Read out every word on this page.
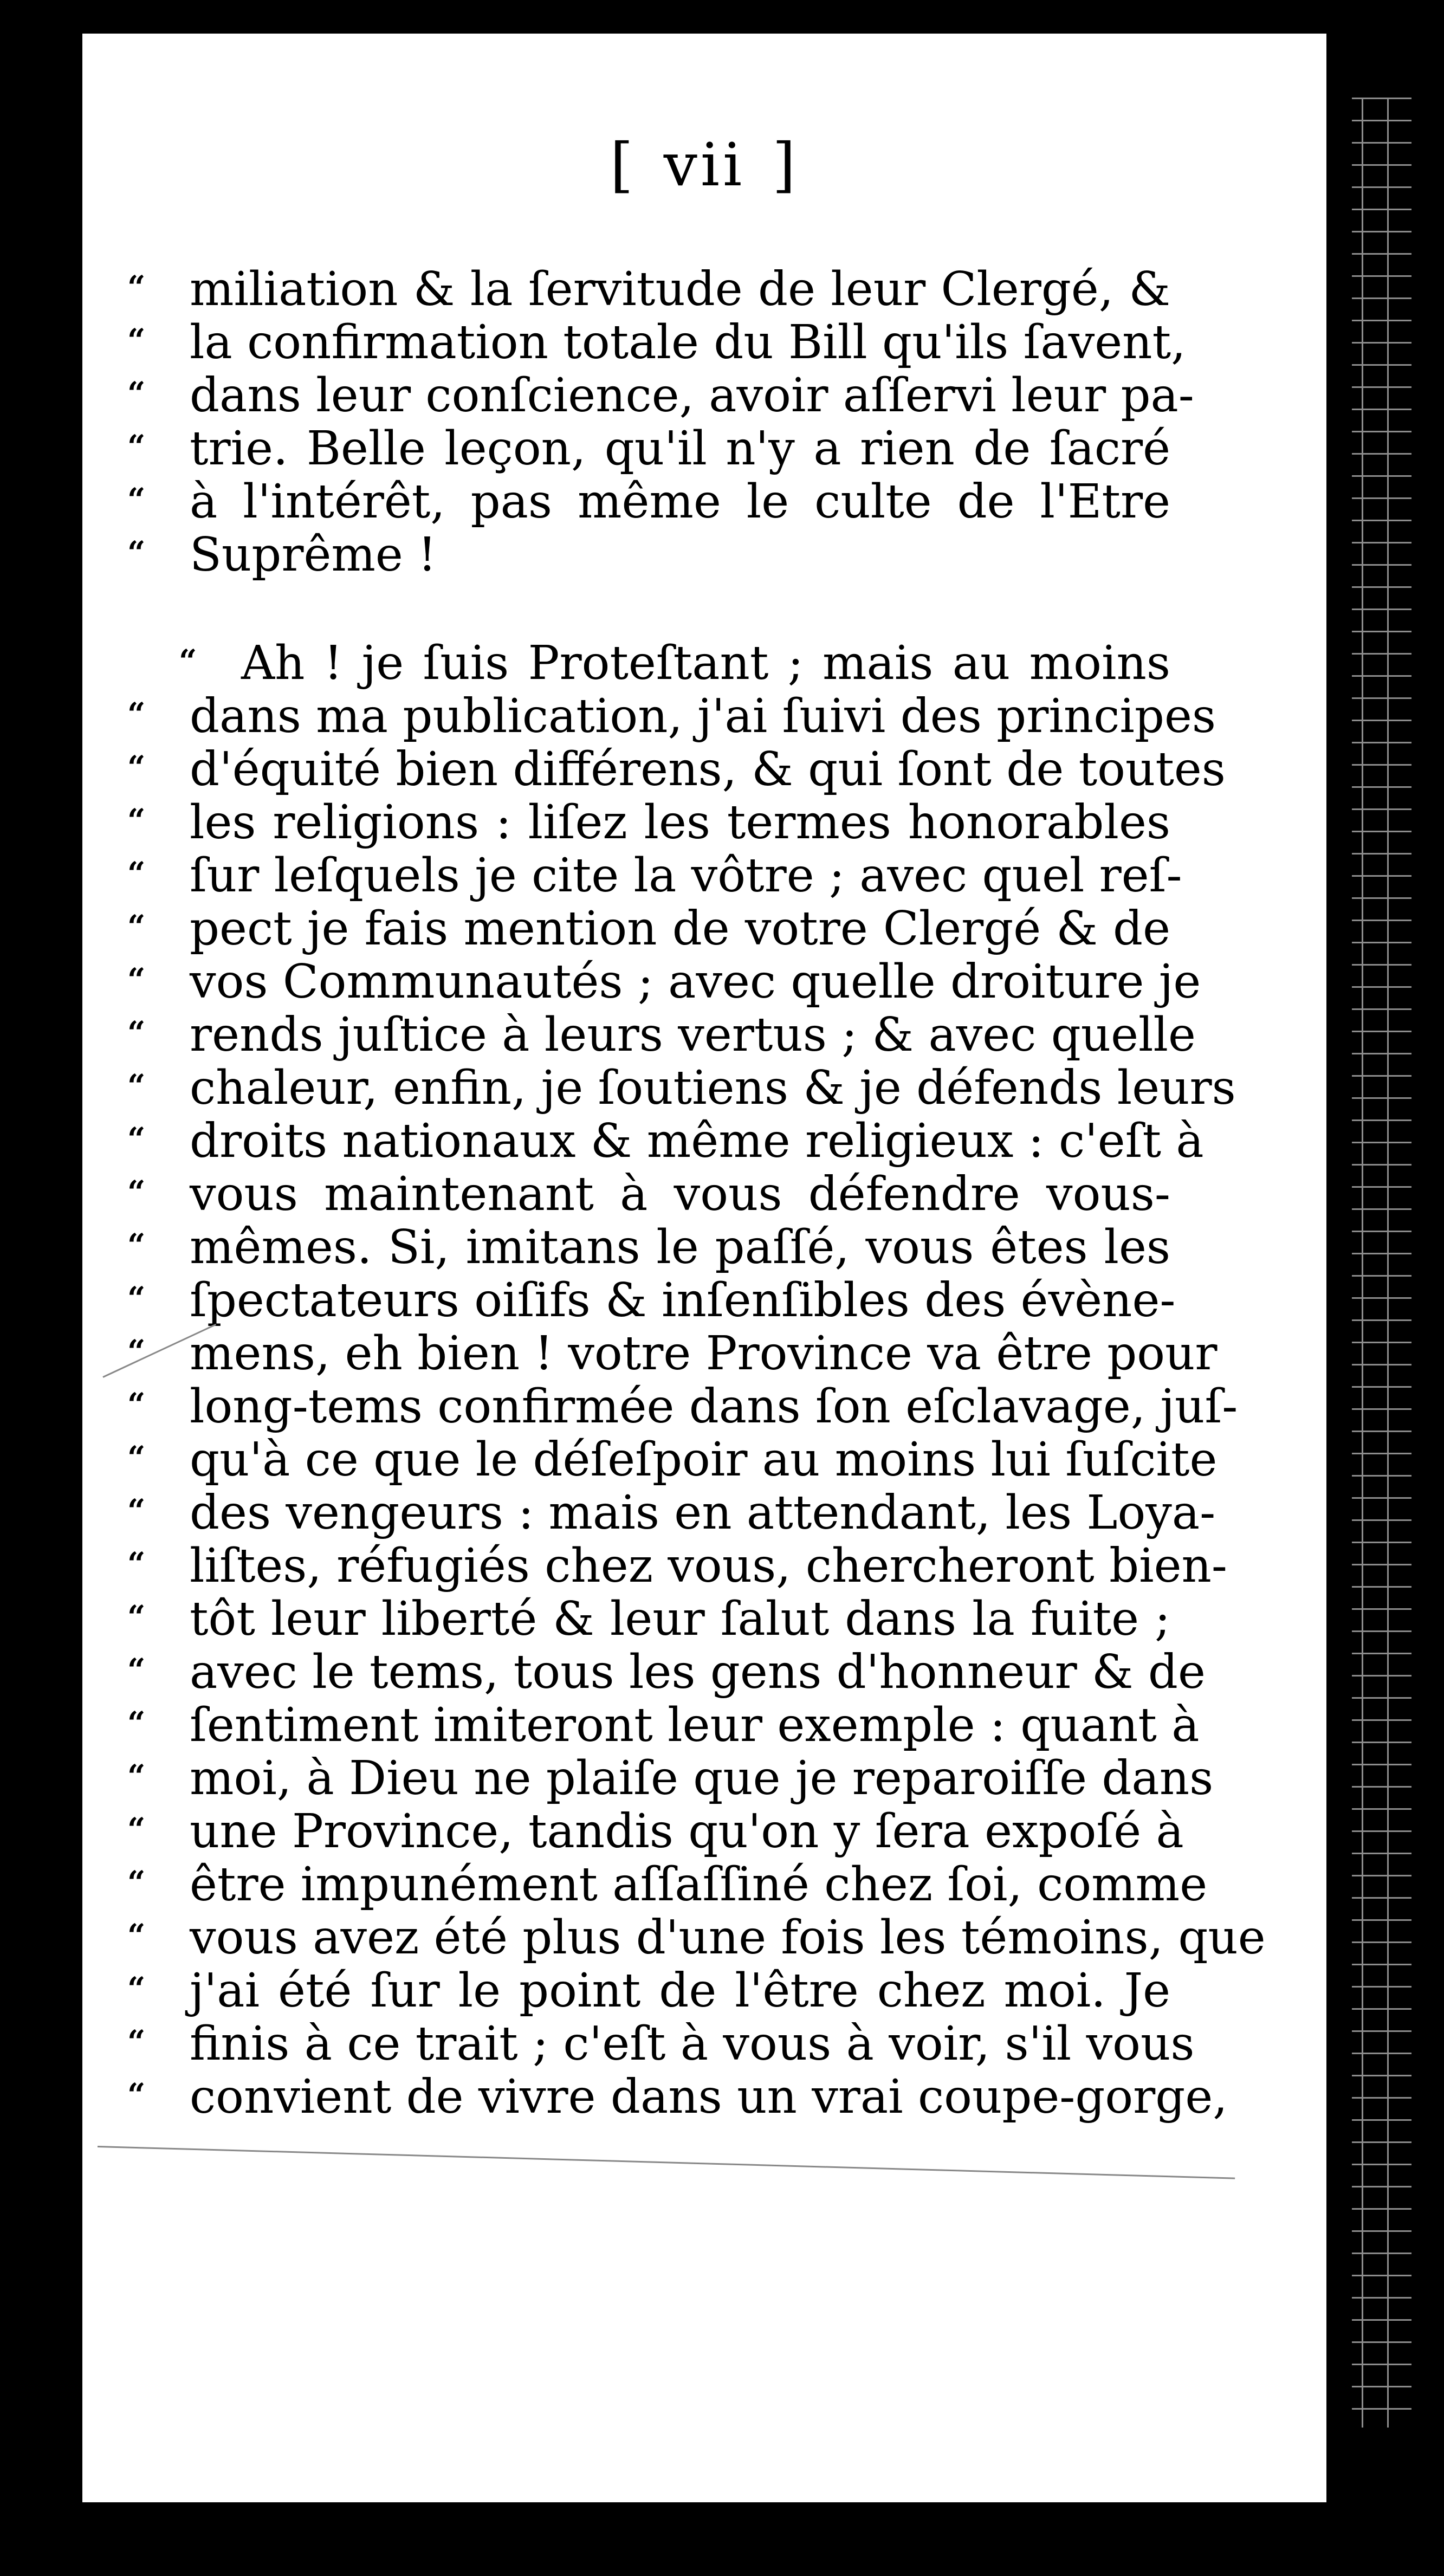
[ vii ]
“ miliation & la ſervitude de leur Clergé, &
“ la confirmation totale du Bill qu'ils ſavent,
“ dans leur conſcience, avoir aſſervi leur pa-
“ trie. Belle leçon, qu'il n'y a rien de ſacré
“ à l'intérêt, pas même le culte de l'Etre
“ Suprême !
“ Ah ! je ſuis Proteſtant ; mais au moins
“ dans ma publication, j'ai ſuivi des principes
“ d'équité bien différens, & qui ſont de toutes
“ les religions : liſez les termes honorables
“ ſur leſquels je cite la vôtre ; avec quel reſ-
“ pect je fais mention de votre Clergé & de
“ vos Communautés ; avec quelle droiture je
“ rends juſtice à leurs vertus ; & avec quelle
“ chaleur, enfin, je ſoutiens & je défends leurs
“ droits nationaux & même religieux : c'eſt à
“ vous maintenant à vous défendre vous-
“ mêmes. Si, imitans le paſſé, vous êtes les
“ ſpectateurs oiſifs & inſenſibles des évène-
“ mens, eh bien ! votre Province va être pour
“ long-tems confirmée dans ſon eſclavage, juſ-
“ qu'à ce que le déſeſpoir au moins lui ſuſcite
“ des vengeurs : mais en attendant, les Loya-
“ liſtes, réfugiés chez vous, chercheront bien-
“ tôt leur liberté & leur ſalut dans la fuite ;
“ avec le tems, tous les gens d'honneur & de
“ ſentiment imiteront leur exemple : quant à
“ moi, à Dieu ne plaiſe que je reparoiſſe dans
“ une Province, tandis qu'on y ſera expoſé à
“ être impunément aſſaſſiné chez ſoi, comme
“ vous avez été plus d'une fois les témoins, que
“ j'ai été ſur le point de l'être chez moi. Je
“ finis à ce trait ; c'eſt à vous à voir, s'il vous
“ convient de vivre dans un vrai coupe-gorge,
